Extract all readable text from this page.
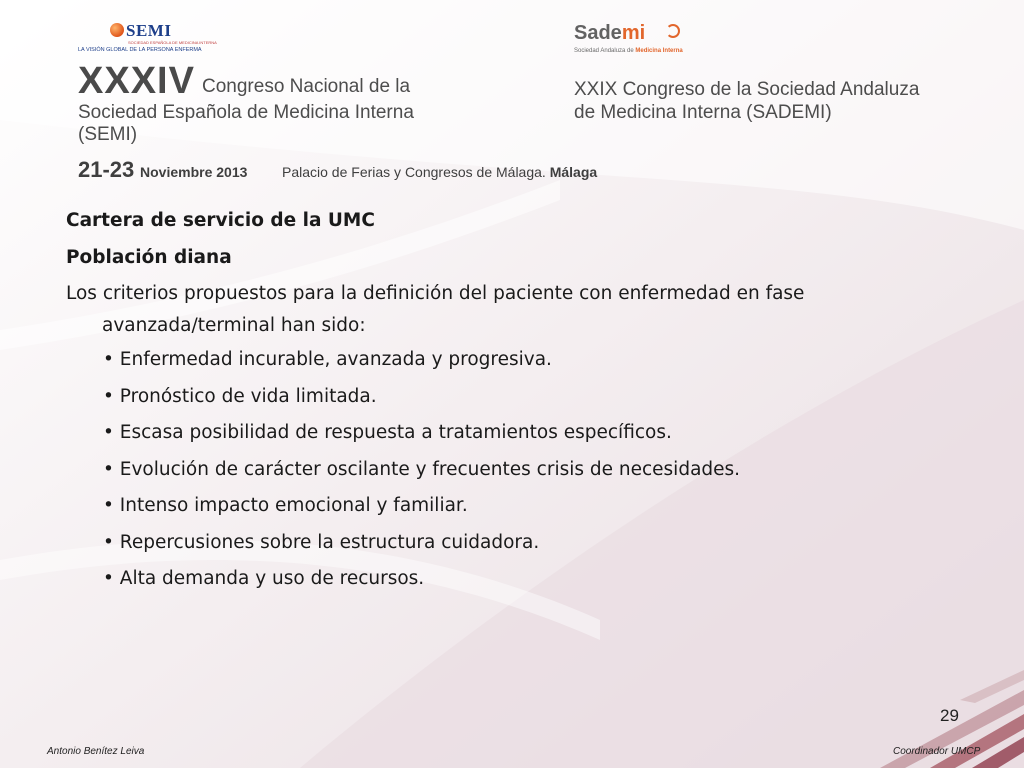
SEMI
SOCIEDAD ESPAÑOLA DE MEDICINA INTERNA
LA VISIÓN GLOBAL DE LA PERSONA ENFERMA
Sademi
Sociedad Andaluza de Medicina Interna
XXXIV Congreso Nacional de la
Sociedad Española de Medicina Interna
(SEMI)
XXIX Congreso de la Sociedad Andaluza
de Medicina Interna (SADEMI)
21-23 Noviembre 2013 Palacio de Ferias y Congresos de Málaga. Málaga

Cartera de servicio de la UMC

Población diana

Los criterios propuestos para la definición del paciente con enfermedad en fase avanzada/terminal han sido:

• Enfermedad incurable, avanzada y progresiva.

• Pronóstico de vida limitada.

• Escasa posibilidad de respuesta a tratamientos específicos.

• Evolución de carácter oscilante y frecuentes crisis de necesidades.

• Intenso impacto emocional y familiar.

• Repercusiones sobre la estructura cuidadora.

• Alta demanda y uso de recursos.

29
Antonio Benítez Leiva	Coordinador UMCP
